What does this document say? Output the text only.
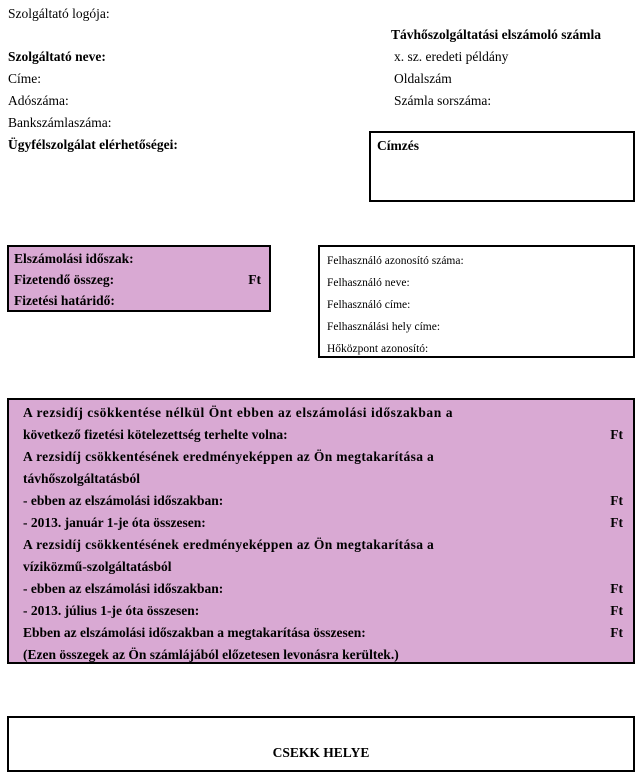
Szolgáltató logója:
Szolgáltató neve:
Címe:
Adószáma:
Bankszámlaszáma:
Ügyfélszolgálat elérhetőségei:
Távhőszolgáltatási elszámoló számla
x. sz. eredeti példány
Oldalszám
Számla sorszáma:
Címzés
Elszámolási időszak:
Fizetendő összeg:	Ft
Fizetési határidő:
Felhasználó azonosító száma:
Felhasználó neve:
Felhasználó címe:
Felhasználási hely címe:
Hőközpont azonosító:
A rezsidíj csökkentése nélkül Önt ebben az elszámolási időszakban a
következő fizetési kötelezettség terhelte volna:	Ft
A rezsidíj csökkentésének eredményeképpen az Ön megtakarítása a
távhőszolgáltatásból
- ebben az elszámolási időszakban:	Ft
- 2013. január 1-je óta összesen:	Ft
A rezsidíj csökkentésének eredményeképpen az Ön megtakarítása a
víziközmű-szolgáltatásból
- ebben az elszámolási időszakban:	Ft
- 2013. július 1-je óta összesen:	Ft
Ebben az elszámolási időszakban a megtakarítása összesen:	Ft
(Ezen összegek az Ön számlájából előzetesen levonásra kerültek.)
CSEKK HELYE
